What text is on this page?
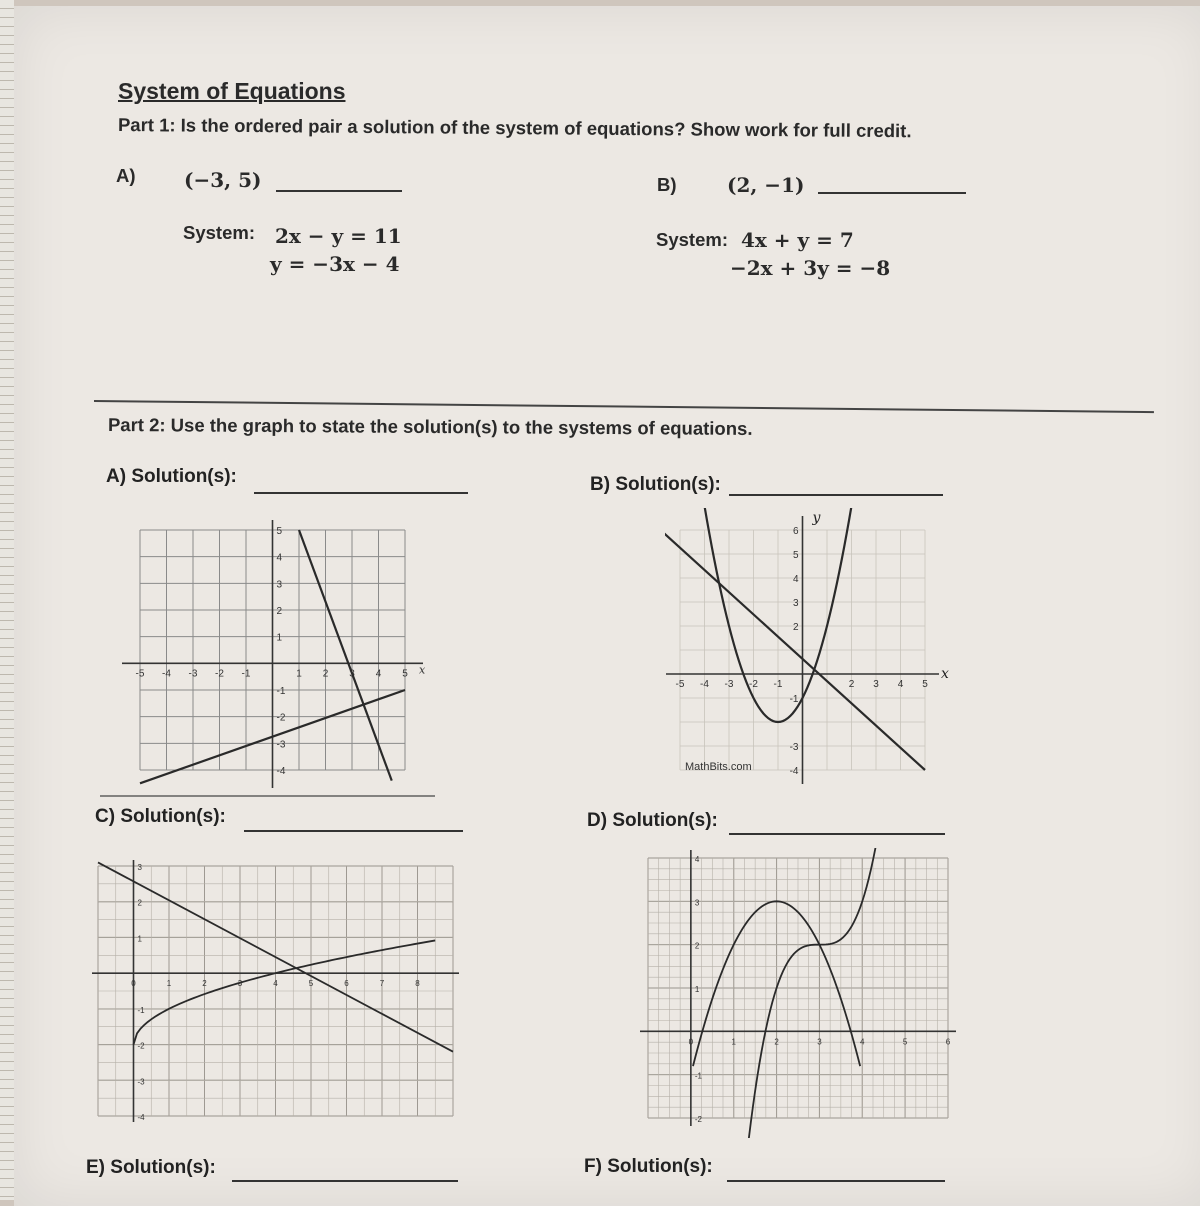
System of Equations
Part 1: Is the ordered pair a solution of the system of equations? Show work for full credit.
A) (−3, 5)
System: 2x − y = 11
y = −3x − 4
B)	(2, −1)
System: 4x + y = 7
−2x + 3y = −8
Part 2: Use the graph to state the solution(s) to the systems of equations.
A) Solution(s):	B) Solution(s):
C) Solution(s):	D) Solution(s):
E) Solution(s):	F) Solution(s):
-5 -4 -3 -2 -1	1 2 3 4 5
5
4
3
2
1
-1
-2
-3
-4
x
-5 -4 -3 -2 -1	2 3 4 5
6
5
4
3
2
-1
-3
-4
y
x
MathBits.com
0	1	2	3	4	5	6	7	8
3
2
1
-1
-2
-3
-4
0	1	2	3	4	5	6
4
3
2
1
-1
-2
